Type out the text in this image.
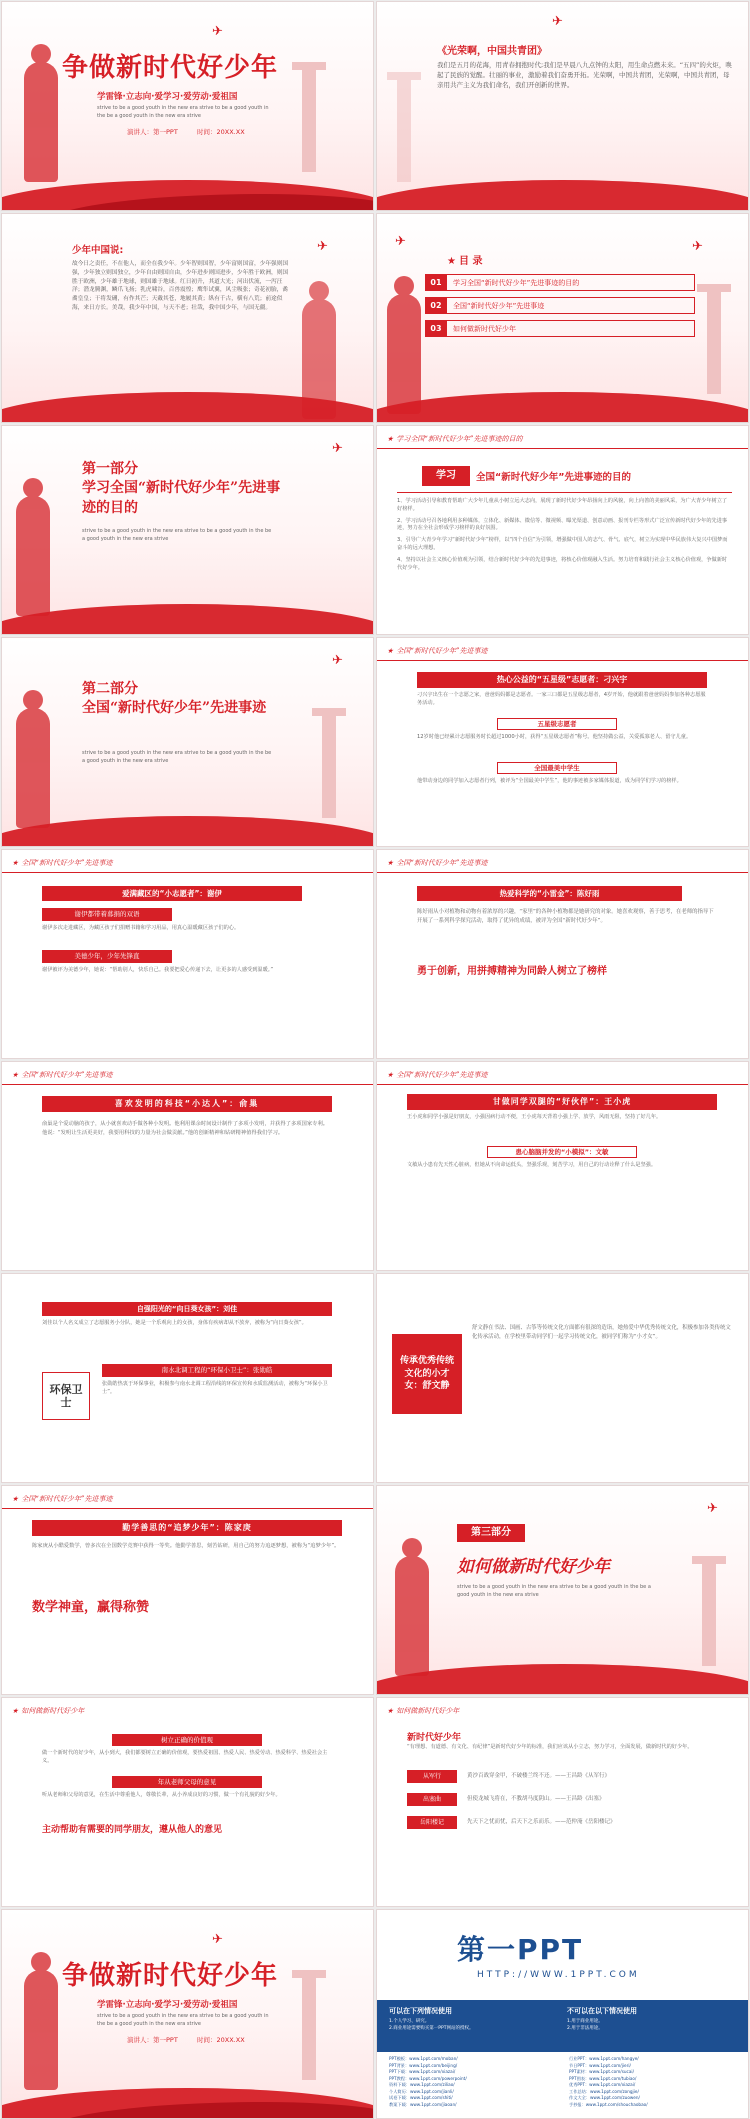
✈
争做新时代好少年
学雷锋·立志向·爱学习·爱劳动·爱祖国
strive to be a good youth in the new era strive to be a good youth in
the be a good youth in the new era strive
演讲人：第一PPT	时间：20XX.XX
✈
《光荣啊，中国共青团》
我们是五月的花海，用青春拥抱时代;我们是早晨八九点钟的太阳，用生命点燃未来。“五四”的火炬，唤起了民族的觉醒。壮丽的事业，激励着我们奋勇开拓。光荣啊，中国共青团，光荣啊，中国共青团，母亲用共产主义为我们命名，我们开创新的世界。
✈
少年中国说:
故今日之责任，不在他人，而全在我少年。少年智则国智，少年富则国富，少年强则国强，少年独立则国独立，少年自由则国自由，少年进步则国进步，少年胜于欧洲，则国胜于欧洲，少年雄于地球，则国雄于地球。红日初升，其道大光；河出伏流，一泻汪洋；潜龙腾渊，鳞爪飞扬；乳虎啸谷，百兽震惶；鹰隼试翼，风尘吸张；奇花初胎，矞矞皇皇；干将发硎，有作其芒；天戴其苍，地履其黄；纵有千古，横有八荒；前途似海，来日方长。美哉，我少年中国，与天不老；壮哉，我中国少年，与国无疆。
✈	✈
★ 目 录
01	学习全国“新时代好少年”先进事迹的目的
02	全国“新时代好少年”先进事迹
03	如何做新时代好少年
✈
第一部分
学习全国“新时代好少年”先进事迹的目的
strive to be a good youth in the new era strive to be a good youth in the be a good youth in the new era strive
★ 学习全国“新时代好少年”先进事迹的目的
学习	全国“新时代好少年”先进事迹的目的

1、学习活动引导和教育帮助广大少年儿童从小树立远大志向，展现了新时代好少年昂扬向上的风貌，向上向善的美丽风采，为广大青少年树立了好榜样。

2、学习活动号召各地利用多种媒体，立体化、新媒体、微信等、微视频、曝光渠道、创意动画、报刊专栏等形式广泛宣传新时代好少年的先进事迹，努力在全社会形成学习榜样的良好氛围。

3、引导广大青少年学习“新时代好少年”榜样，以“四个自信”为引领，增强做中国人的志气、骨气、底气，树立为实现中华民族伟大复兴中国梦而奋斗的远大理想。

4、坚持以社会主义核心价值观为引领，结合新时代好少年的先进事迹，将核心价值观融入生活。努力培育和践行社会主义核心价值观，争做新时代好少年。

✈
第二部分
全国“新时代好少年”先进事迹
strive to be a good youth in the new era strive to be a good youth in the be a good youth in the new era strive
★ 全国“新时代好少年”先进事迹
热心公益的“五星级”志愿者：刁兴宇
刁兴宇出生在一个志愿之家，爸爸妈妈都是志愿者。一家三口都是五星级志愿者，4岁开始，他就跟着爸爸妈妈参加各种志愿服务活动。
五星级志愿者
12岁时他已经累计志愿服务时长超过1000小时，获得“五星级志愿者”称号。他坚持做公益，关爱孤寡老人、留守儿童。
全国最美中学生
他带动身边的同学加入志愿者行列，被评为“全国最美中学生”，他的事迹被多家媒体报道，成为同学们学习的榜样。
★ 全国“新时代好少年”先进事迹
爱满藏区的“小志愿者”：谢伊
谢伊都带着募捐的双语
谢伊多次走进藏区，为藏区孩子们捐赠书籍和学习用品，用真心温暖藏区孩子们的心。
美德少年，少年先锋直
谢伊被评为美德少年，她说：“帮助别人，快乐自己。我要把爱心传递下去，让更多的人感受到温暖。”
★ 全国“新时代好少年”先进事迹
热爱科学的“小雷金”：陈好雨
陈好雨从小对植物和动物有着浓厚的兴趣，“家里”的各种小植物都是她研究的对象。她喜欢观察，善于思考，在老师的指导下开展了一系列科学探究活动，取得了优异的成绩，被评为全国“新时代好少年”。
勇于创新，用拼搏精神为同龄人树立了榜样
★ 全国“新时代好少年”先进事迹
喜欢发明的科技“小达人”：俞巢
俞巢是个爱动脑的孩子，从小就喜欢动手做各种小发明。他利用课余时间设计制作了多项小发明，并获得了多项国家专利。他说：“发明让生活更美好，我要用科技的力量为社会做贡献。”他的创新精神和钻研精神值得我们学习。
★ 全国“新时代好少年”先进事迹
甘做同学双腿的“好伙伴”：王小虎
王小虎和同学小强是好朋友，小强因病行动不便，王小虎每天背着小强上学、放学，风雨无阻，坚持了好几年。
患心脑脑并发的“小模拟”：文敏
文敏从小患有先天性心脏病，但她从不向命运低头，坚强乐观，刻苦学习，用自己的行动诠释了什么是坚强。
自强阳光的“向日葵女孩”：刘佳
刘佳以个人名义成立了志愿服务小分队，她是一个乐观向上的女孩，身体有疾病却从不放弃，被称为“向日葵女孩”。
环保卫士
南水北调工程的“环保小卫士”：张勋皓
张勋皓热衷于环保事业，积极参与南水北调工程沿线的环保宣传和水质监测活动，被称为“环保小卫士”。
传承优秀传统文化的小才女：舒文静
舒文静在书法、国画、古筝等传统文化方面都有很深的造诣，她热爱中华优秀传统文化，积极参加各类传统文化传承活动，在学校里带动同学们一起学习传统文化，被同学们称为“小才女”。
★ 全国“新时代好少年”先进事迹
勤学善思的“追梦少年”：陈家庚
陈家庚从小酷爱数学，曾多次在全国数学竞赛中获得一等奖。他勤学善思，刻苦钻研，用自己的努力追逐梦想，被称为“追梦少年”。
数学神童，赢得称赞
✈
第三部分
如何做新时代好少年
strive to be a good youth in the new era strive to be a good youth in the be a good youth in the new era strive
★ 如何做新时代好少年
树立正确的价值观
做一个新时代的好少年，从小到大，我们都要树立正确的价值观，要热爱祖国、热爱人民、热爱劳动、热爱科学、热爱社会主义。
年从老师父母的意见
听从老师和父母的意见，在生活中尊重他人，尊敬长辈，从小养成良好的习惯，做一个有礼貌的好少年。
主动帮助有需要的同学朋友，遵从他人的意见
★ 如何做新时代好少年
新时代好少年
“有理想、有道德、有文化、有纪律”是新时代好少年的标准，我们应该从小立志，努力学习，全面发展，做新时代的好少年。
从军行	黄沙百战穿金甲，不破楼兰终不还。——王昌龄《从军行》
出塞曲	但使龙城飞将在，不教胡马度阴山。——王昌龄《出塞》
岳阳楼记	先天下之忧而忧，后天下之乐而乐。——范仲淹《岳阳楼记》
✈
争做新时代好少年
学雷锋·立志向·爱学习·爱劳动·爱祖国
strive to be a good youth in the new era strive to be a good youth in
the be a good youth in the new era strive
演讲人：第一PPT	时间：20XX.XX
第一PPT
HTTP://WWW.1PPT.COM
可以在下列情况使用
1.个人学习、研究。
2.商业用途需要购买第一PPT网站的授权。
不可以在以下情况使用
1.用于商业用途。
2.用于非法用途。
PPT模板：www.1ppt.com/moban/	行业PPT：www.1ppt.com/hangye/
PPT背景：www.1ppt.com/beijing/	节日PPT：www.1ppt.com/jieri/
PPT下载：www.1ppt.com/xiazai/	PPT素材：www.1ppt.com/sucai/
PPT教程：www.1ppt.com/powerpoint/	PPT图表：www.1ppt.com/tubiao/
资料下载：www.1ppt.com/ziliao/	优秀PPT：www.1ppt.com/xiazai/
个人简历：www.1ppt.com/jianli/	工作总结：www.1ppt.com/zongjie/
试卷下载：www.1ppt.com/shiti/	作文大全：www.1ppt.com/zuowen/
教案下载：www.1ppt.com/jiaoan/	手抄报：www.1ppt.com/shouchaobao/
